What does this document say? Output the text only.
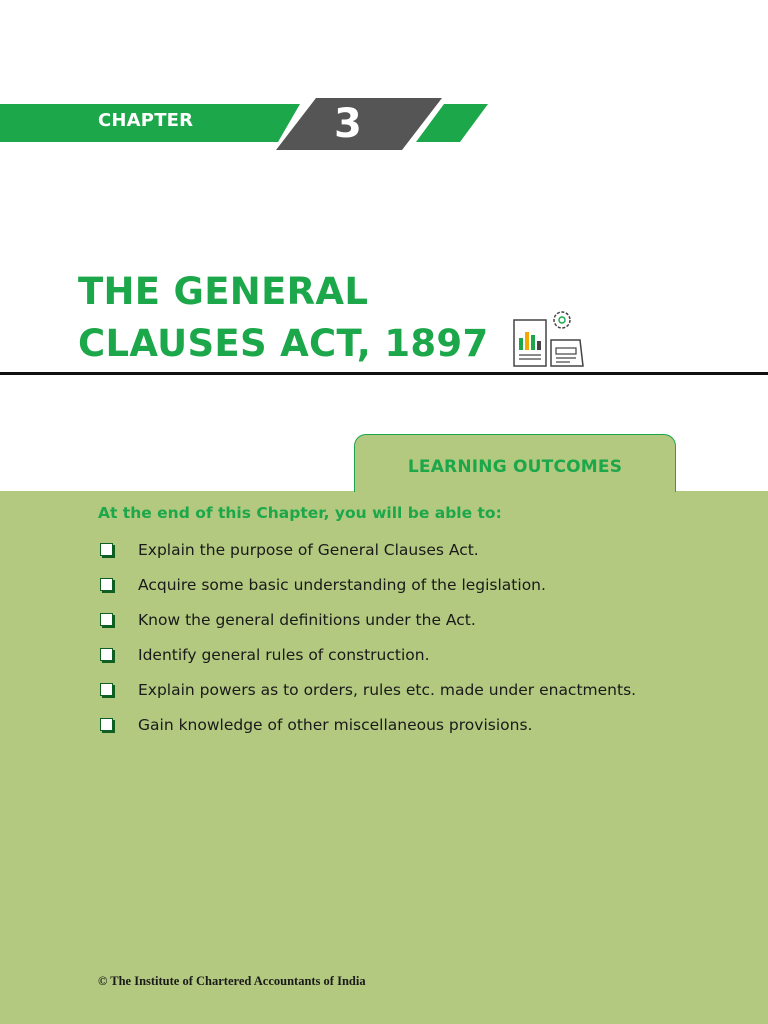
CHAPTER	3
THE GENERAL
CLAUSES ACT, 1897
LEARNING OUTCOMES
At the end of this Chapter, you will be able to:
Explain the purpose of General Clauses Act.
Acquire some basic understanding of the legislation.
Know the general definitions under the Act.
Identify general rules of construction.
Explain powers as to orders, rules etc. made under enactments.
Gain knowledge of other miscellaneous provisions.
© The Institute of Chartered Accountants of India
